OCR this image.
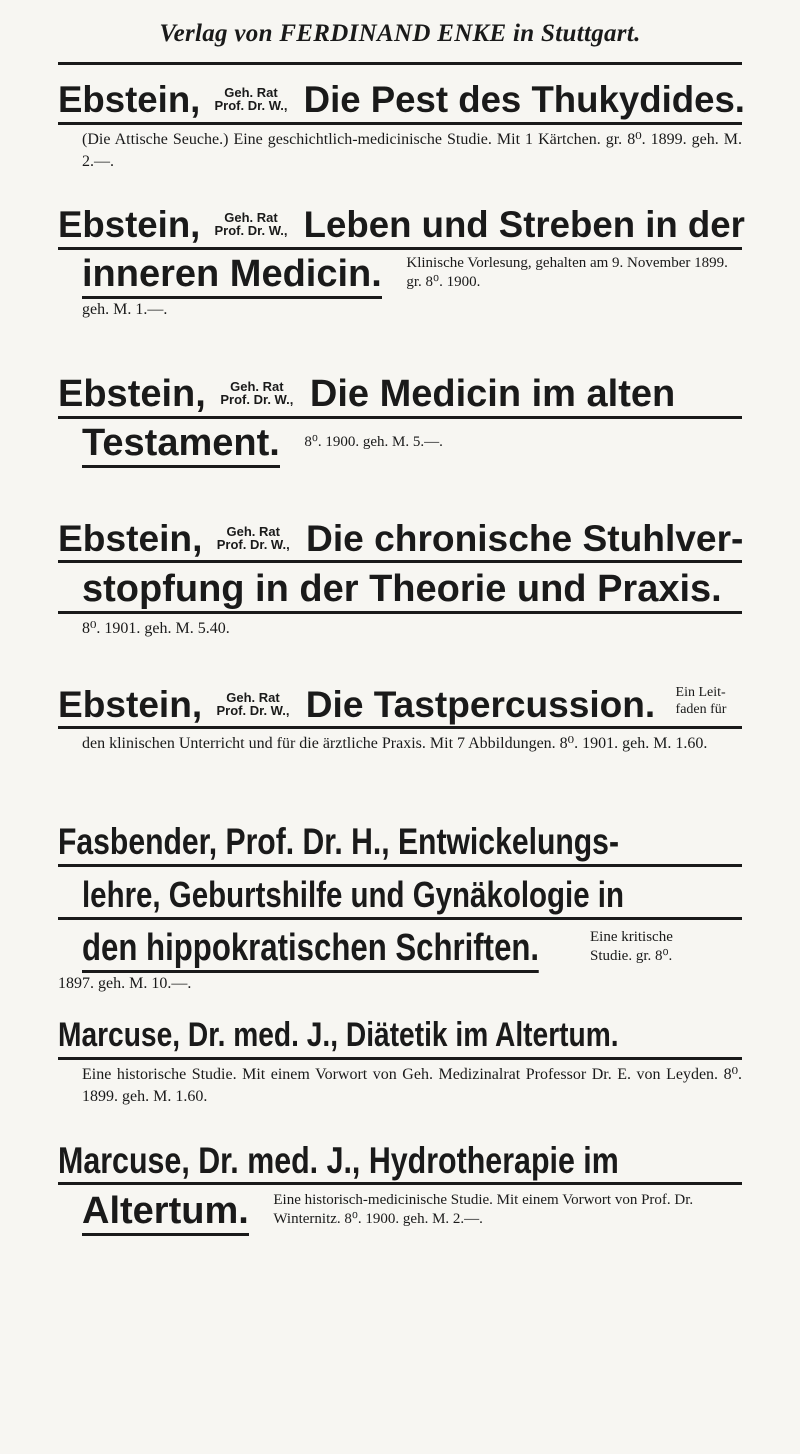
Verlag von FERDINAND ENKE in Stuttgart.
Ebstein,	Geh. Rat
Prof. Dr. W., Die Pest des Thukydides.
(Die Attische Seuche.) Eine geschichtlich-medicinische Studie. Mit 1 Kärtchen. gr. 8⁰. 1899. geh. M. 2.—.
Ebstein,	Geh. Rat
Prof. Dr. W., Leben und Streben in der
inneren Medicin. Klinische Vorlesung, gehalten am 9. November 1899. gr. 8⁰. 1900.
geh. M. 1.—.
Ebstein,	Geh. Rat
Prof. Dr. W., Die Medicin im alten
Testament. 8⁰. 1900. geh. M. 5.—.
Ebstein,	Geh. Rat
Prof. Dr. W., Die chronische Stuhlver-
stopfung in der Theorie und Praxis.
8⁰. 1901. geh. M. 5.40.
Ebstein,	Geh. Rat
Prof. Dr. W., Die Tastpercussion. Ein Leit- faden für
den klinischen Unterricht und für die ärztliche Praxis. Mit 7 Abbildungen. 8⁰. 1901. geh. M. 1.60.
Fasbender, Prof. Dr. H., Entwickelungs-
lehre, Geburtshilfe und Gynäkologie in
den hippokratischen Schriften.	Eine kritische Studie. gr. 8⁰.
1897. geh. M. 10.—.
Marcuse, Dr. med. J., Diätetik im Altertum.
Eine historische Studie. Mit einem Vorwort von Geh. Medizinalrat Professor Dr. E. von Leyden. 8⁰. 1899. geh. M. 1.60.
Marcuse, Dr. med. J., Hydrotherapie im
Altertum. Eine historisch-medicinische Studie. Mit einem Vorwort von Prof. Dr. Winternitz. 8⁰. 1900. geh. M. 2.—.
